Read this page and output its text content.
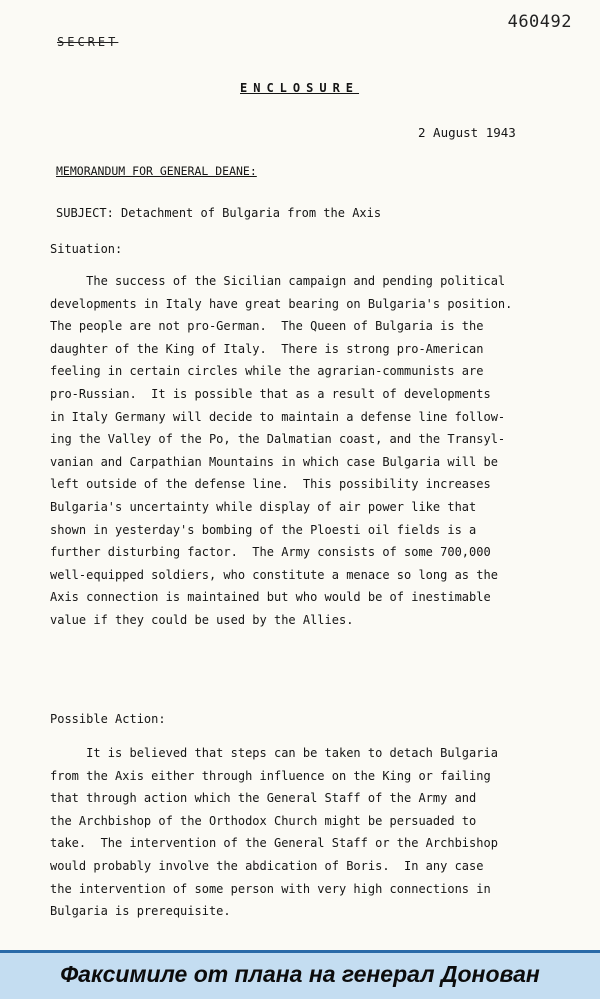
460492
SECRET
ENCLOSURE
2 August 1943
MEMORANDUM FOR GENERAL DEANE:
SUBJECT: Detachment of Bulgaria from the Axis
Situation:
The success of the Sicilian campaign and pending political
developments in Italy have great bearing on Bulgaria's position.
The people are not pro-German.  The Queen of Bulgaria is the
daughter of the King of Italy.  There is strong pro-American
feeling in certain circles while the agrarian-communists are
pro-Russian.  It is possible that as a result of developments
in Italy Germany will decide to maintain a defense line follow-
ing the Valley of the Po, the Dalmatian coast, and the Transyl-
vanian and Carpathian Mountains in which case Bulgaria will be
left outside of the defense line.  This possibility increases
Bulgaria's uncertainty while display of air power like that
shown in yesterday's bombing of the Ploesti oil fields is a
further disturbing factor.  The Army consists of some 700,000
well-equipped soldiers, who constitute a menace so long as the
Axis connection is maintained but who would be of inestimable
value if they could be used by the Allies.
Possible Action:
It is believed that steps can be taken to detach Bulgaria
from the Axis either through influence on the King or failing
that through action which the General Staff of the Army and
the Archbishop of the Orthodox Church might be persuaded to
take.  The intervention of the General Staff or the Archbishop
would probably involve the abdication of Boris.  In any case
the intervention of some person with very high connections in
Bulgaria is prerequisite.
Факсимиле от плана на генерал Донован
